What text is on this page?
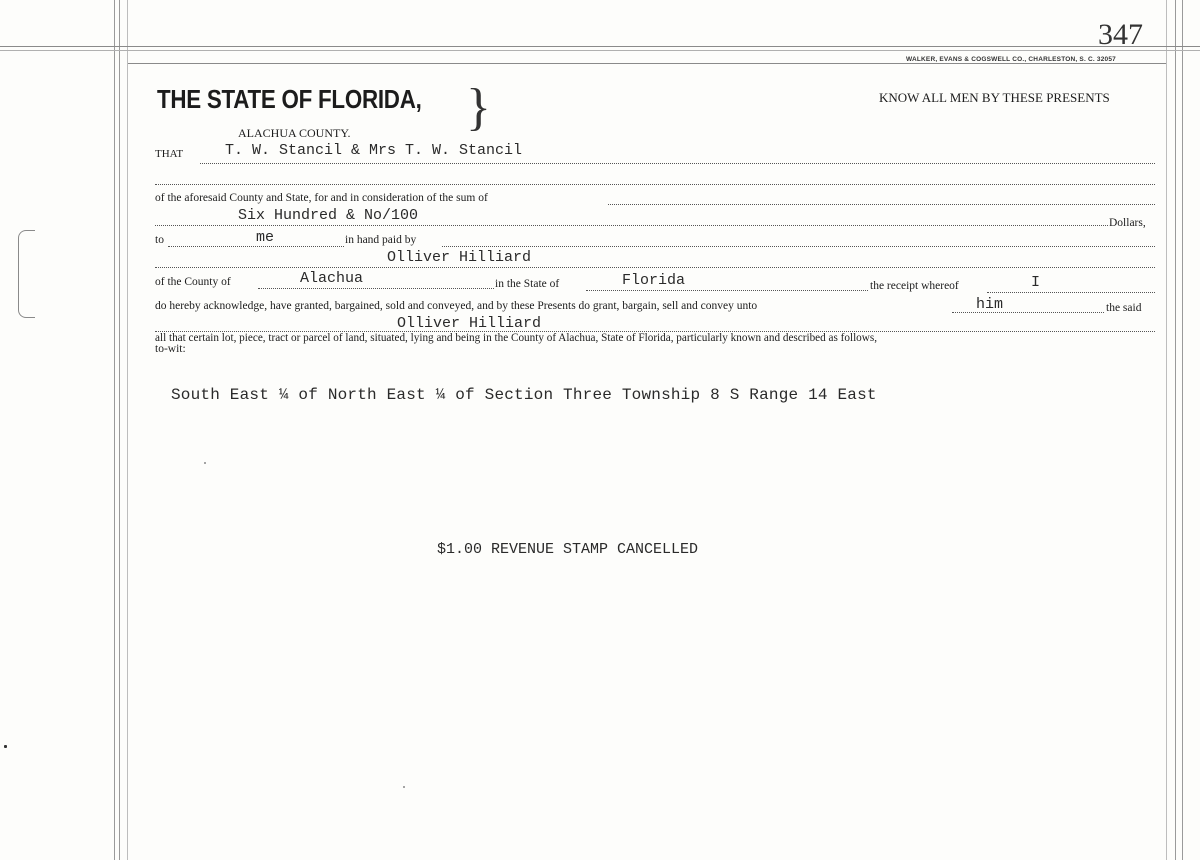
347
WALKER, EVANS & COGSWELL CO., CHARLESTON, S. C. 32057
THE STATE OF FLORIDA, }	KNOW ALL MEN BY THESE PRESENTS
ALACHUA COUNTY.
THAT	T. W. Stancil & Mrs T. W. Stancil
of the aforesaid County and State, for and in consideration of the sum of
Six Hundred & No/100	Dollars,
to	me	in hand paid by
Olliver Hilliard
of the County of	Alachua	in the State of	Florida	the receipt whereof	I
do hereby acknowledge, have granted, bargained, sold and conveyed, and by these Presents do grant, bargain, sell and convey unto	him	the said
Olliver Hilliard
all that certain lot, piece, tract or parcel of land, situated, lying and being in the County of Alachua, State of Florida, particularly known and described as follows,
to-wit:
South East ¼ of North East ¼ of Section Three Township 8 S Range 14 East
$1.00 REVENUE STAMP CANCELLED
